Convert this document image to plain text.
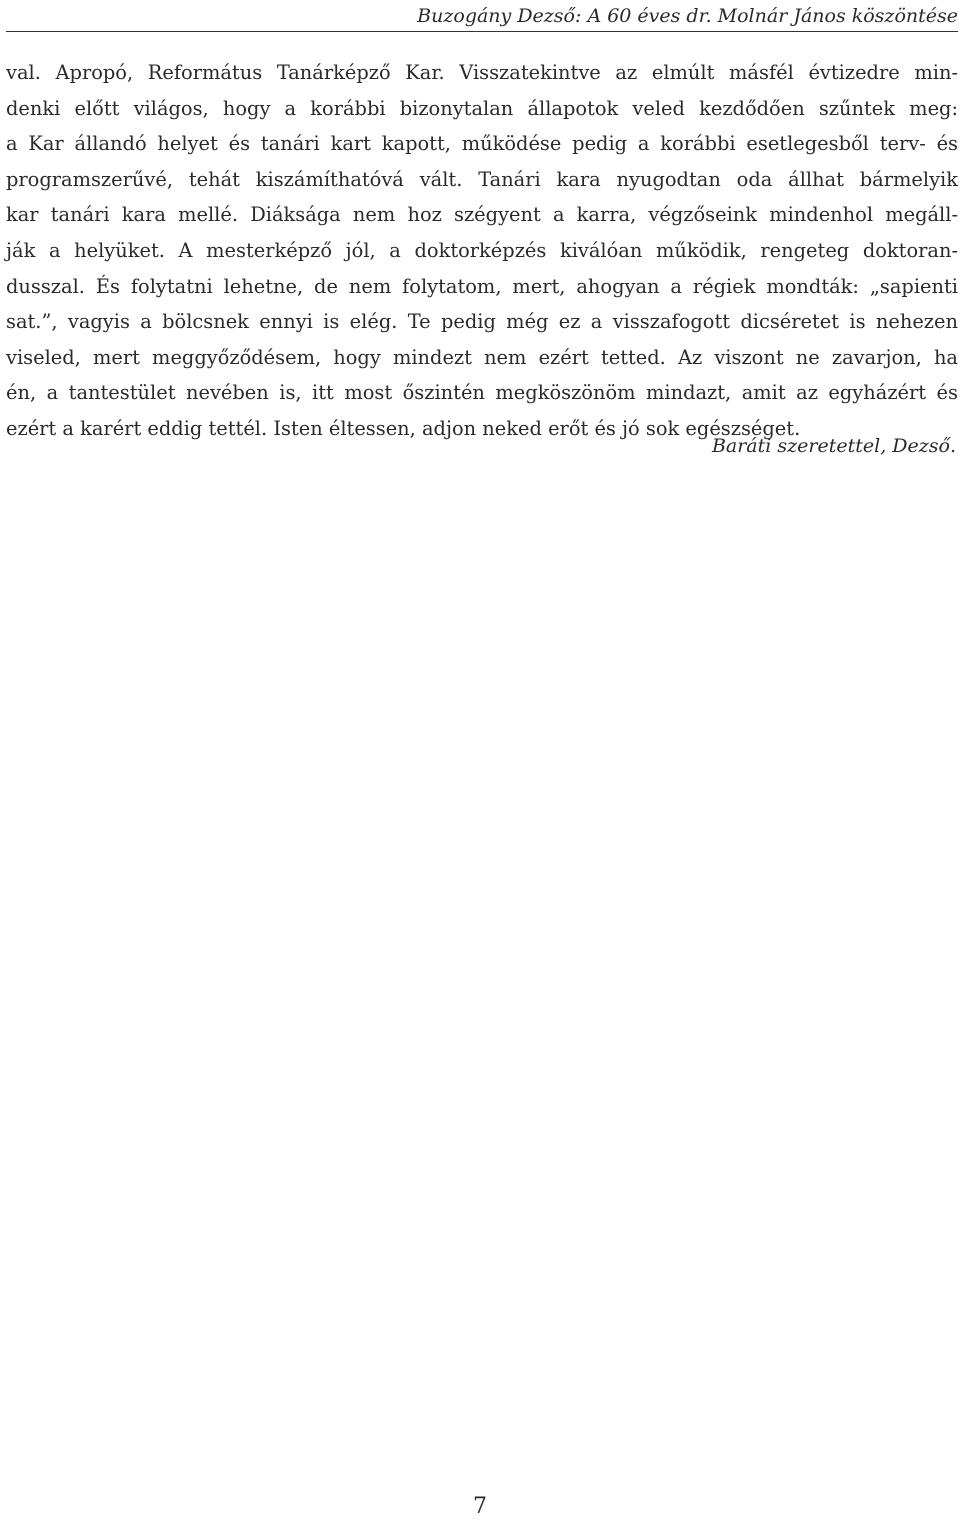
Buzogány Dezső: A 60 éves dr. Molnár János köszöntése
val. Apropó, Református Tanárképző Kar. Visszatekintve az elmúlt másfél évtizedre min-
denki előtt világos, hogy a korábbi bizonytalan állapotok veled kezdődően szűntek meg:
a Kar állandó helyet és tanári kart kapott, működése pedig a korábbi esetlegesből terv- és
programszerűvé, tehát kiszámíthatóvá vált. Tanári kara nyugodtan oda állhat bármelyik
kar tanári kara mellé. Diáksága nem hoz szégyent a karra, végzőseink mindenhol megáll-
ják a helyüket. A mesterképző jól, a doktorképzés kiválóan működik, rengeteg doktoran-
dusszal. És folytatni lehetne, de nem folytatom, mert, ahogyan a régiek mondták: „sapienti
sat.”, vagyis a bölcsnek ennyi is elég. Te pedig még ez a visszafogott dicséretet is nehezen
viseled, mert meggyőződésem, hogy mindezt nem ezért tetted. Az viszont ne zavarjon, ha
én, a tantestület nevében is, itt most őszintén megköszönöm mindazt, amit az egyházért és
ezért a karért eddig tettél. Isten éltessen, adjon neked erőt és jó sok egészséget.
Baráti szeretettel, Dezső.
7
